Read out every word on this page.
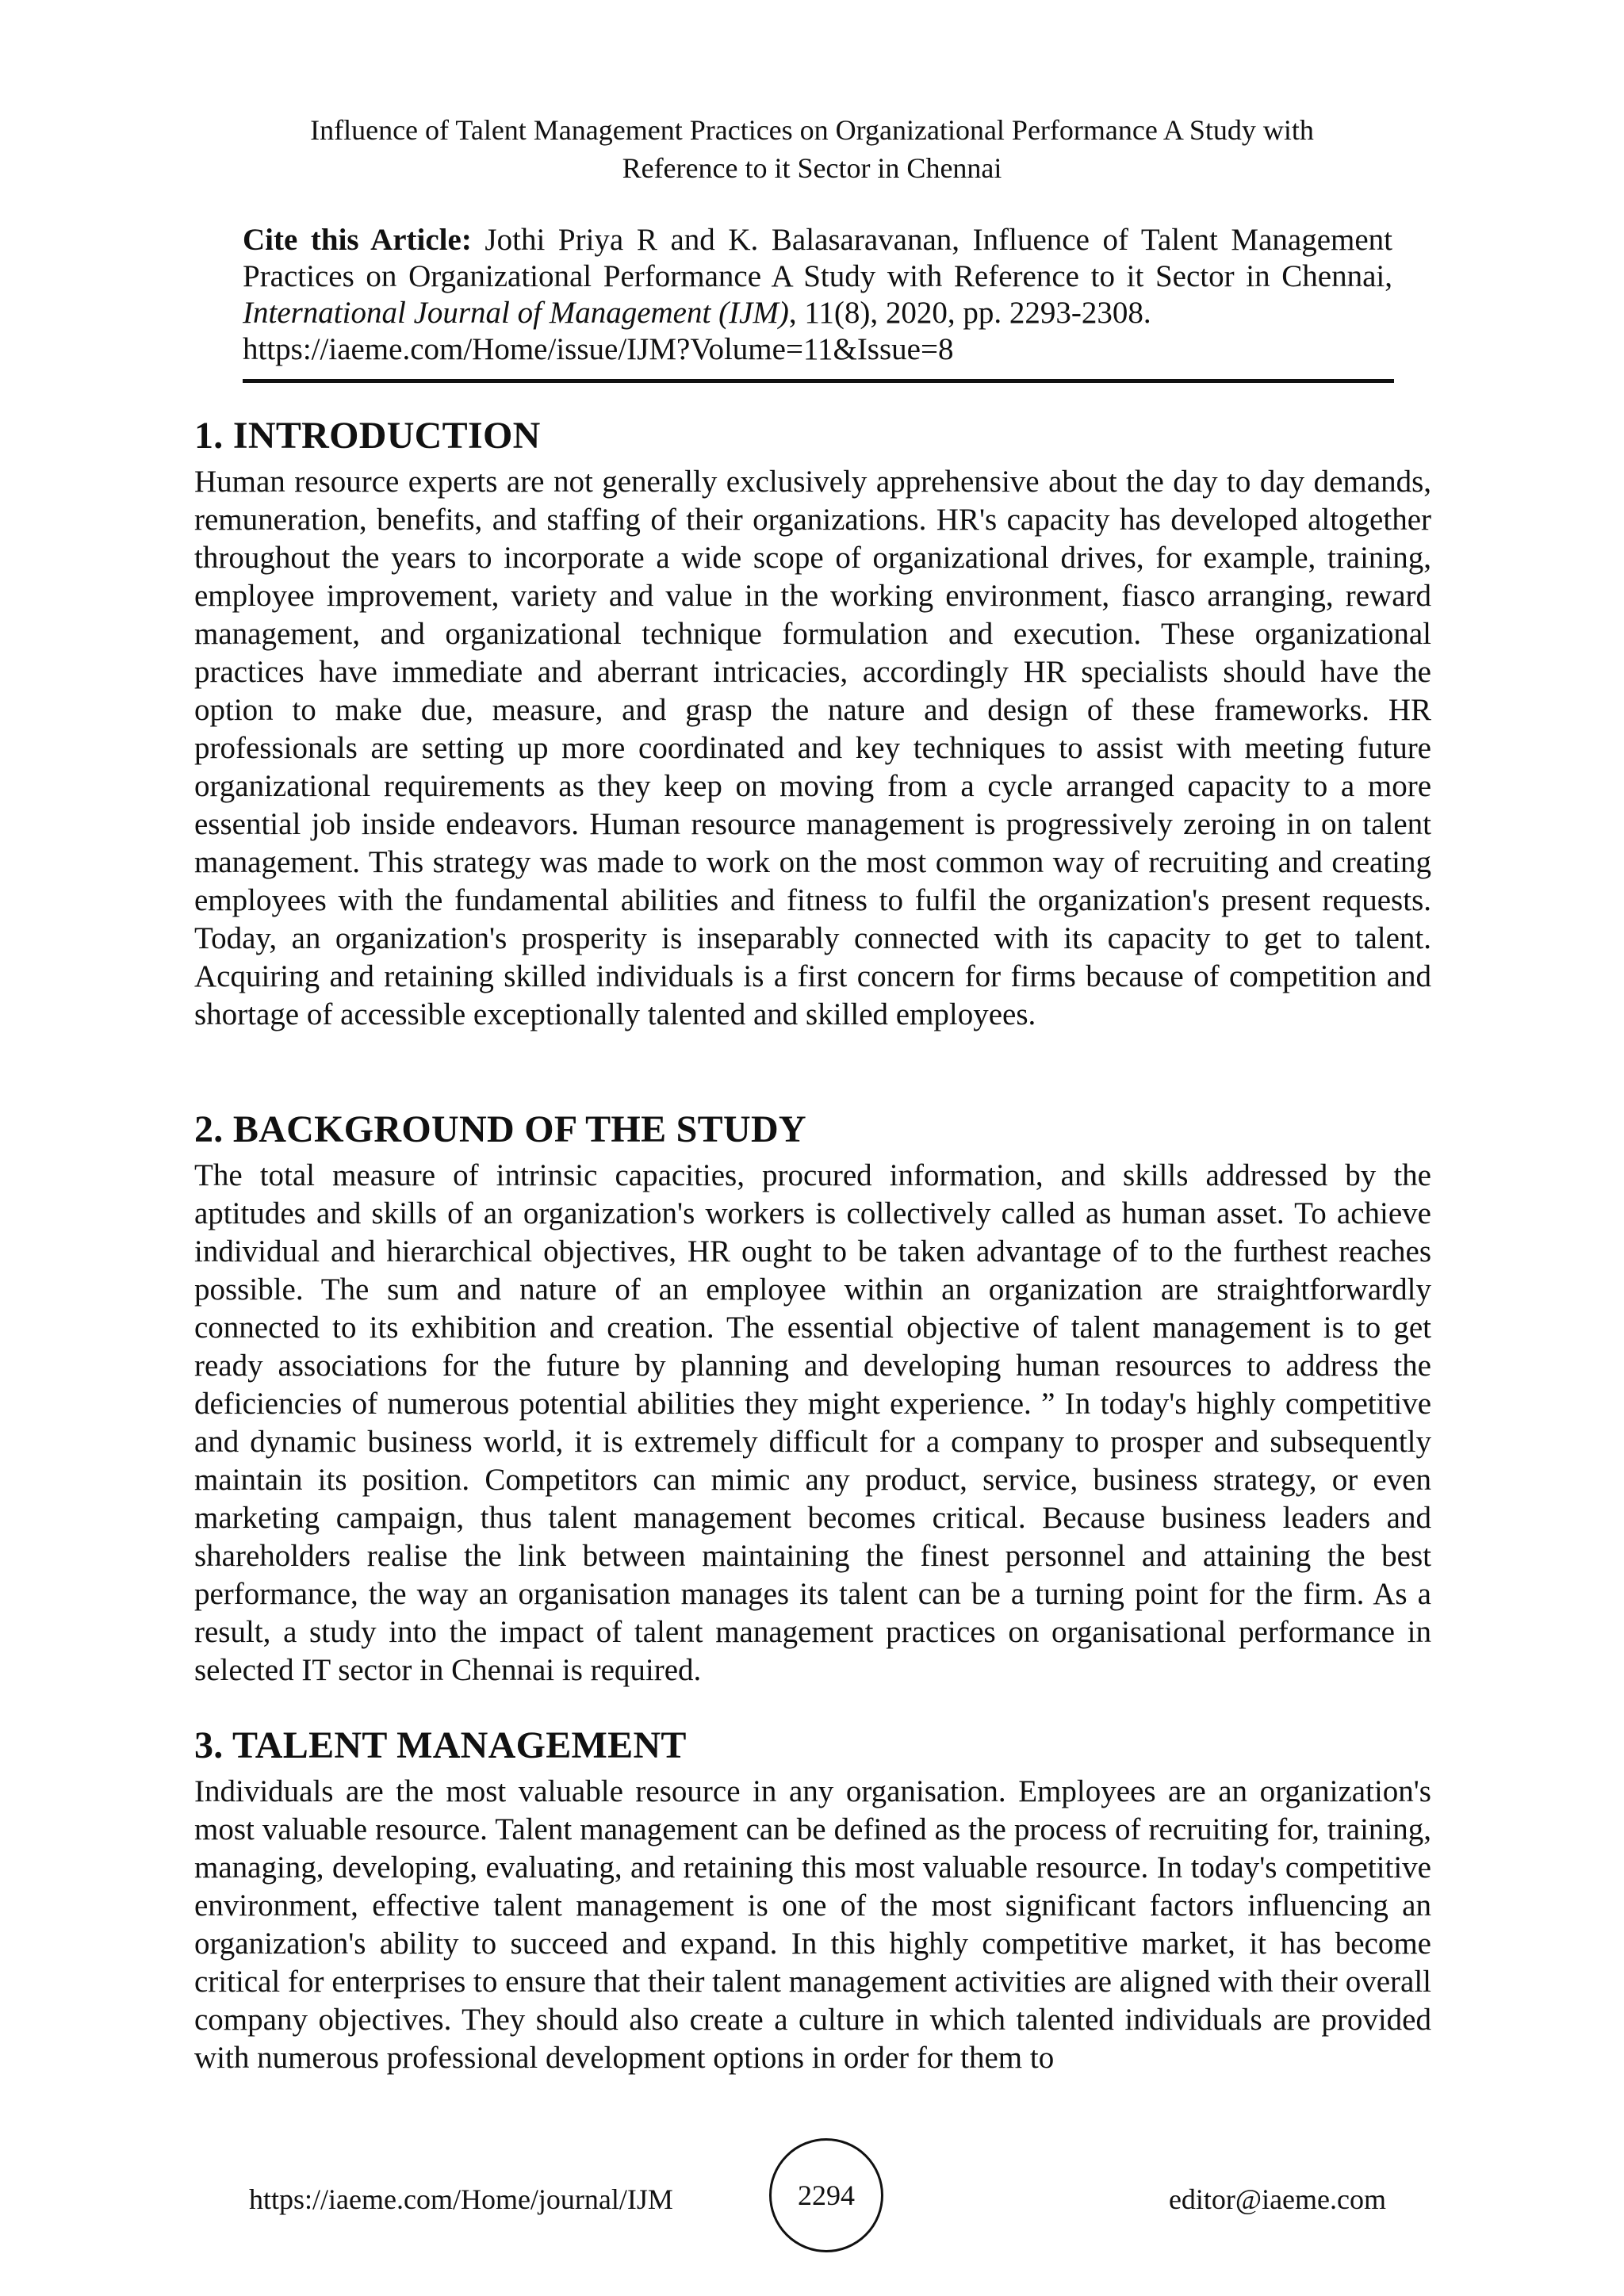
Influence of Talent Management Practices on Organizational Performance A Study with
Reference to it Sector in Chennai
Cite this Article: Jothi Priya R and K. Balasaravanan, Influence of Talent Management Practices on Organizational Performance A Study with Reference to it Sector in Chennai, International Journal of Management (IJM), 11(8), 2020, pp. 2293-2308.
https://iaeme.com/Home/issue/IJM?Volume=11&Issue=8
1. INTRODUCTION

Human resource experts are not generally exclusively apprehensive about the day to day demands, remuneration, benefits, and staffing of their organizations. HR's capacity has developed altogether throughout the years to incorporate a wide scope of organizational drives, for example, training, employee improvement, variety and value in the working environment, fiasco arranging, reward management, and organizational technique formulation and execution. These organizational practices have immediate and aberrant intricacies, accordingly HR specialists should have the option to make due, measure, and grasp the nature and design of these frameworks. HR professionals are setting up more coordinated and key techniques to assist with meeting future organizational requirements as they keep on moving from a cycle arranged capacity to a more essential job inside endeavors. Human resource management is progressively zeroing in on talent management. This strategy was made to work on the most common way of recruiting and creating employees with the fundamental abilities and fitness to fulfil the organization's present requests. Today, an organization's prosperity is inseparably connected with its capacity to get to talent. Acquiring and retaining skilled individuals is a first concern for firms because of competition and shortage of accessible exceptionally talented and skilled employees.

2. BACKGROUND OF THE STUDY

The total measure of intrinsic capacities, procured information, and skills addressed by the aptitudes and skills of an organization's workers is collectively called as human asset. To achieve individual and hierarchical objectives, HR ought to be taken advantage of to the furthest reaches possible. The sum and nature of an employee within an organization are straightforwardly connected to its exhibition and creation. The essential objective of talent management is to get ready associations for the future by planning and developing human resources to address the deficiencies of numerous potential abilities they might experience. ” In today's highly competitive and dynamic business world, it is extremely difficult for a company to prosper and subsequently maintain its position. Competitors can mimic any product, service, business strategy, or even marketing campaign, thus talent management becomes critical. Because business leaders and shareholders realise the link between maintaining the finest personnel and attaining the best performance, the way an organisation manages its talent can be a turning point for the firm. As a result, a study into the impact of talent management practices on organisational performance in selected IT sector in Chennai is required.

3. TALENT MANAGEMENT

Individuals are the most valuable resource in any organisation. Employees are an organization's most valuable resource. Talent management can be defined as the process of recruiting for, training, managing, developing, evaluating, and retaining this most valuable resource. In today's competitive environment, effective talent management is one of the most significant factors influencing an organization's ability to succeed and expand. In this highly competitive market, it has become critical for enterprises to ensure that their talent management activities are aligned with their overall company objectives. They should also create a culture in which talented individuals are provided with numerous professional development options in order for them to

https://iaeme.com/Home/journal/IJM	2294	editor@iaeme.com
